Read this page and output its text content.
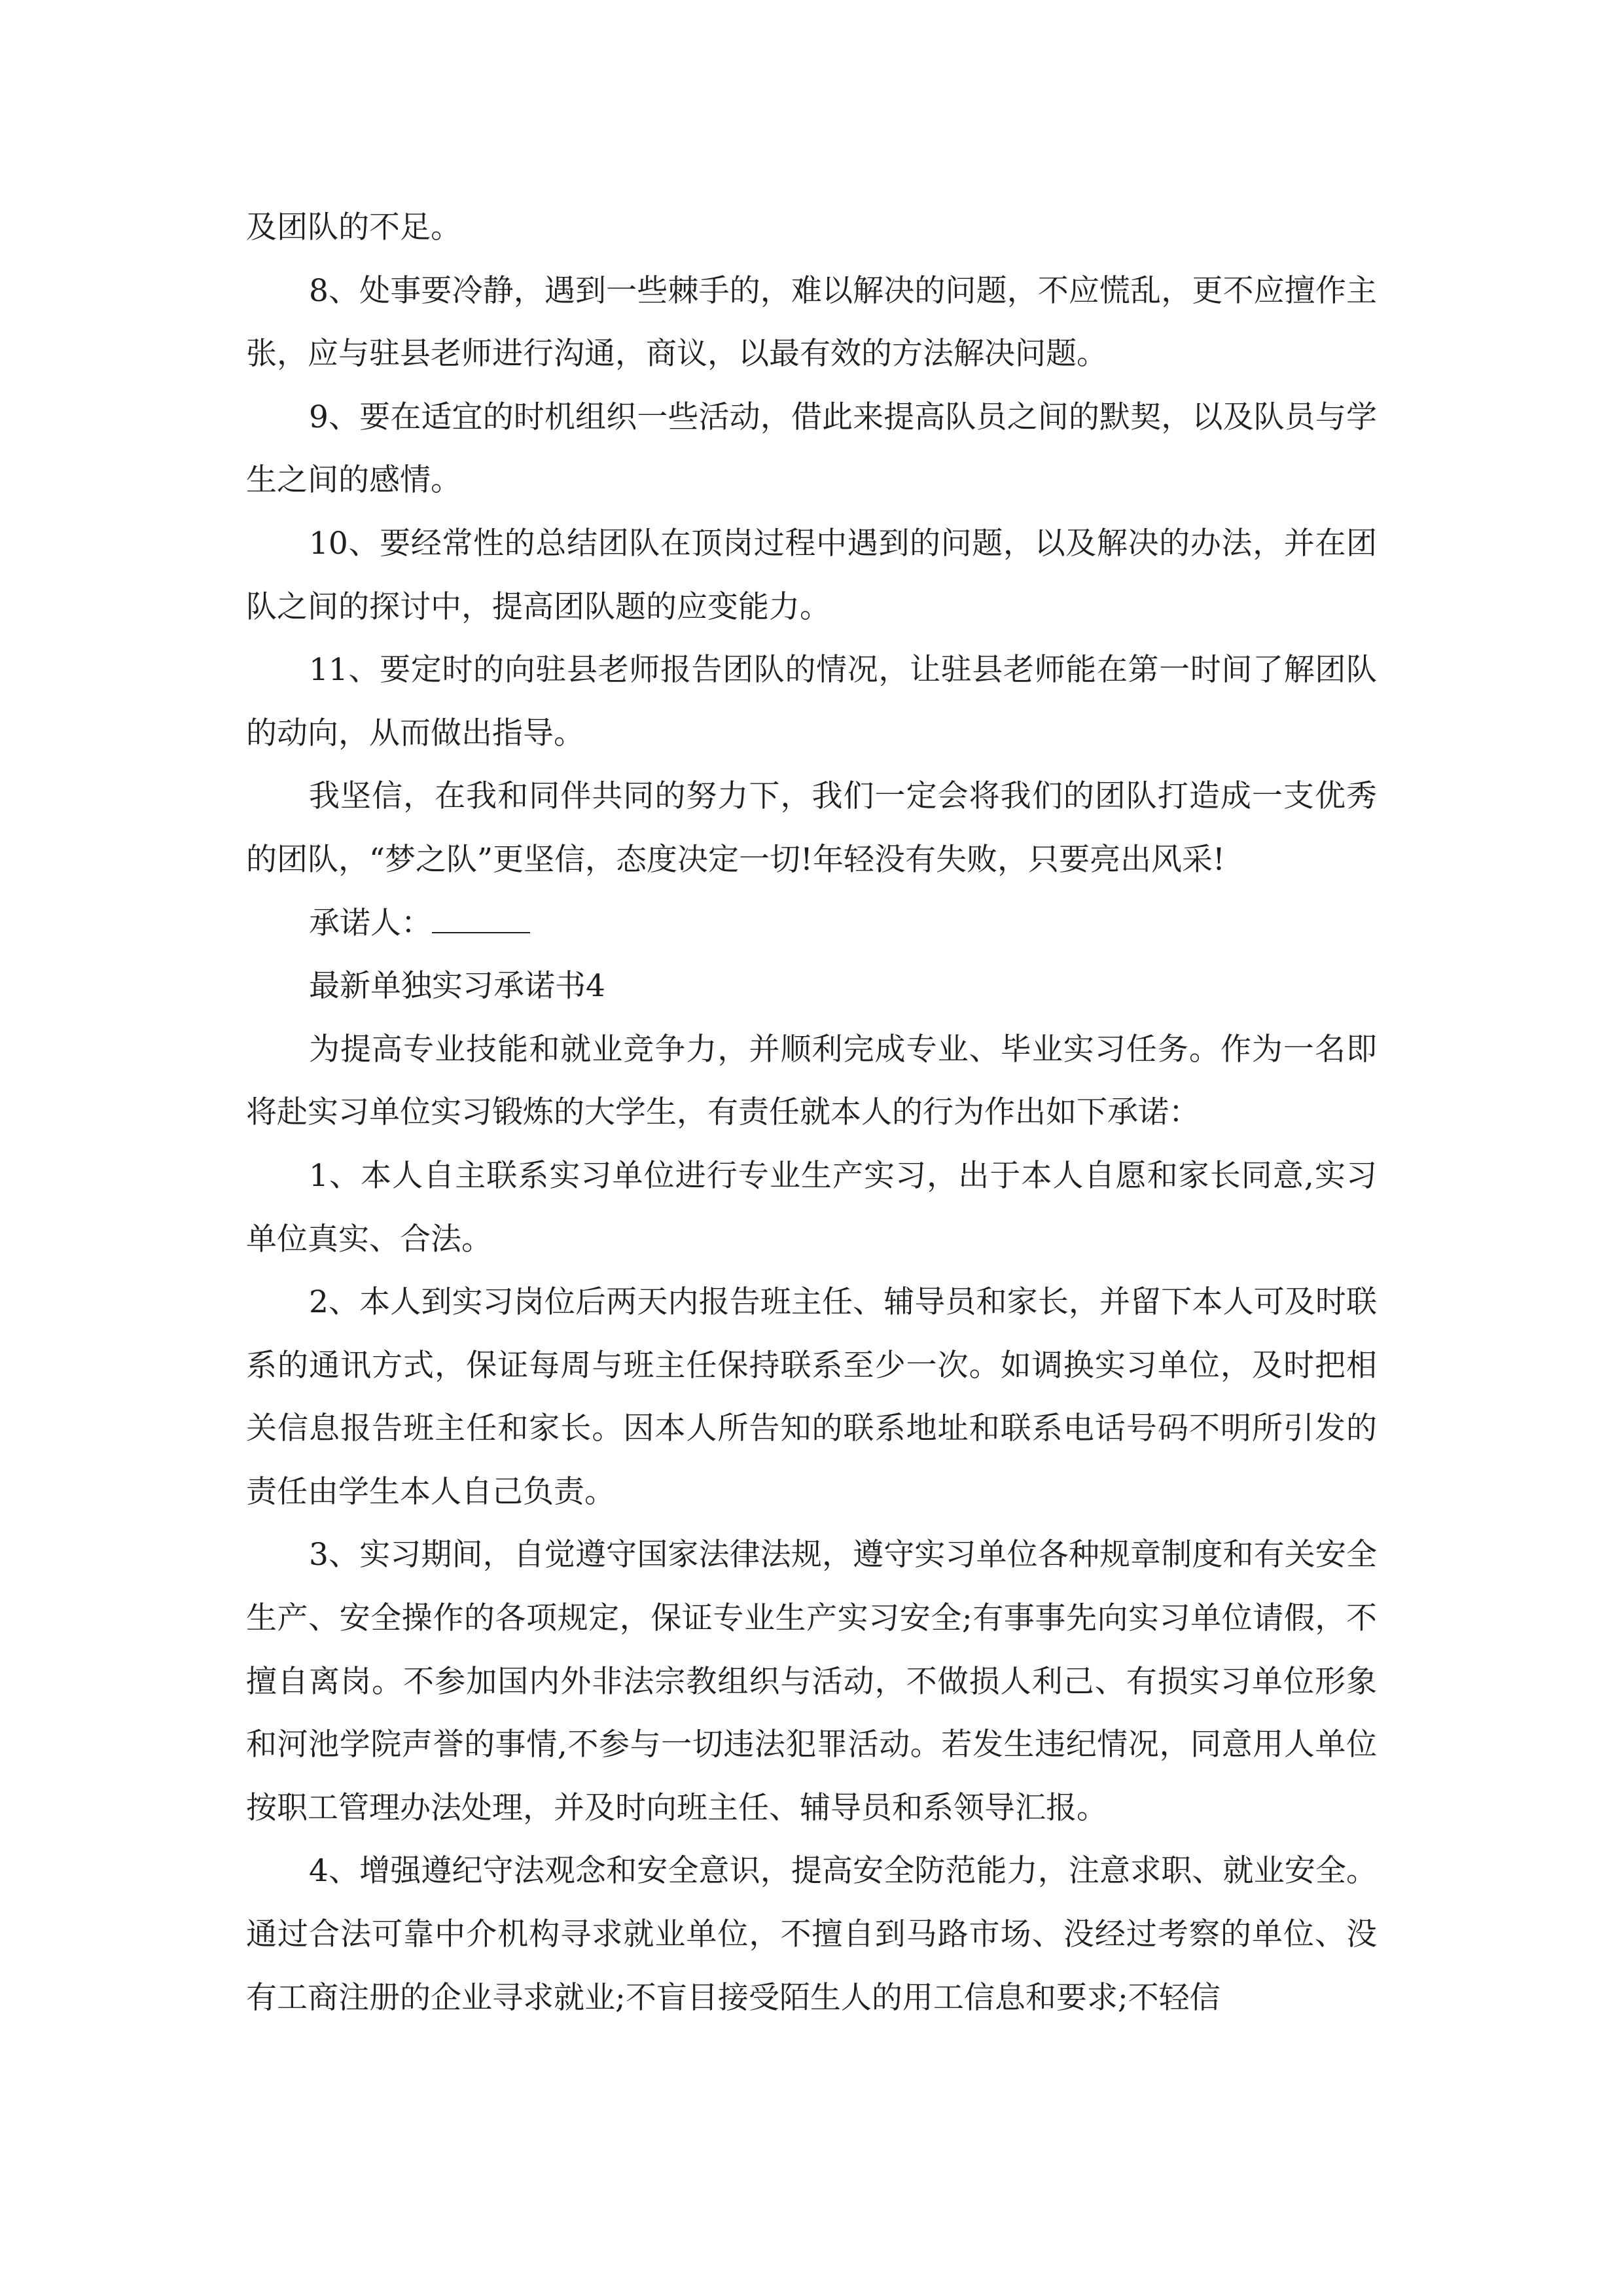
及团队的不足。

8、处事要冷静，遇到一些棘手的，难以解决的问题，不应慌乱，更不应擅作主张，应与驻县老师进行沟通，商议，以最有效的方法解决问题。

9、要在适宜的时机组织一些活动，借此来提高队员之间的默契，以及队员与学生之间的感情。

10、要经常性的总结团队在顶岗过程中遇到的问题，以及解决的办法，并在团队之间的探讨中，提高团队题的应变能力。

11、要定时的向驻县老师报告团队的情况，让驻县老师能在第一时间了解团队的动向，从而做出指导。

我坚信，在我和同伴共同的努力下，我们一定会将我们的团队打造成一支优秀的团队，“梦之队”更坚信，态度决定一切!年轻没有失败，只要亮出风采!

承诺人：

最新单独实习承诺书4

为提高专业技能和就业竞争力，并顺利完成专业、毕业实习任务。作为一名即将赴实习单位实习锻炼的大学生，有责任就本人的行为作出如下承诺：

1、本人自主联系实习单位进行专业生产实习，出于本人自愿和家长同意,实习单位真实、合法。

2、本人到实习岗位后两天内报告班主任、辅导员和家长，并留下本人可及时联系的通讯方式，保证每周与班主任保持联系至少一次。如调换实习单位，及时把相关信息报告班主任和家长。因本人所告知的联系地址和联系电话号码不明所引发的责任由学生本人自己负责。

3、实习期间，自觉遵守国家法律法规，遵守实习单位各种规章制度和有关安全生产、安全操作的各项规定，保证专业生产实习安全;有事事先向实习单位请假，不擅自离岗。不参加国内外非法宗教组织与活动，不做损人利己、有损实习单位形象和河池学院声誉的事情,不参与一切违法犯罪活动。若发生违纪情况，同意用人单位按职工管理办法处理，并及时向班主任、辅导员和系领导汇报。

4、增强遵纪守法观念和安全意识，提高安全防范能力，注意求职、就业安全。通过合法可靠中介机构寻求就业单位，不擅自到马路市场、没经过考察的单位、没有工商注册的企业寻求就业;不盲目接受陌生人的用工信息和要求;不轻信
